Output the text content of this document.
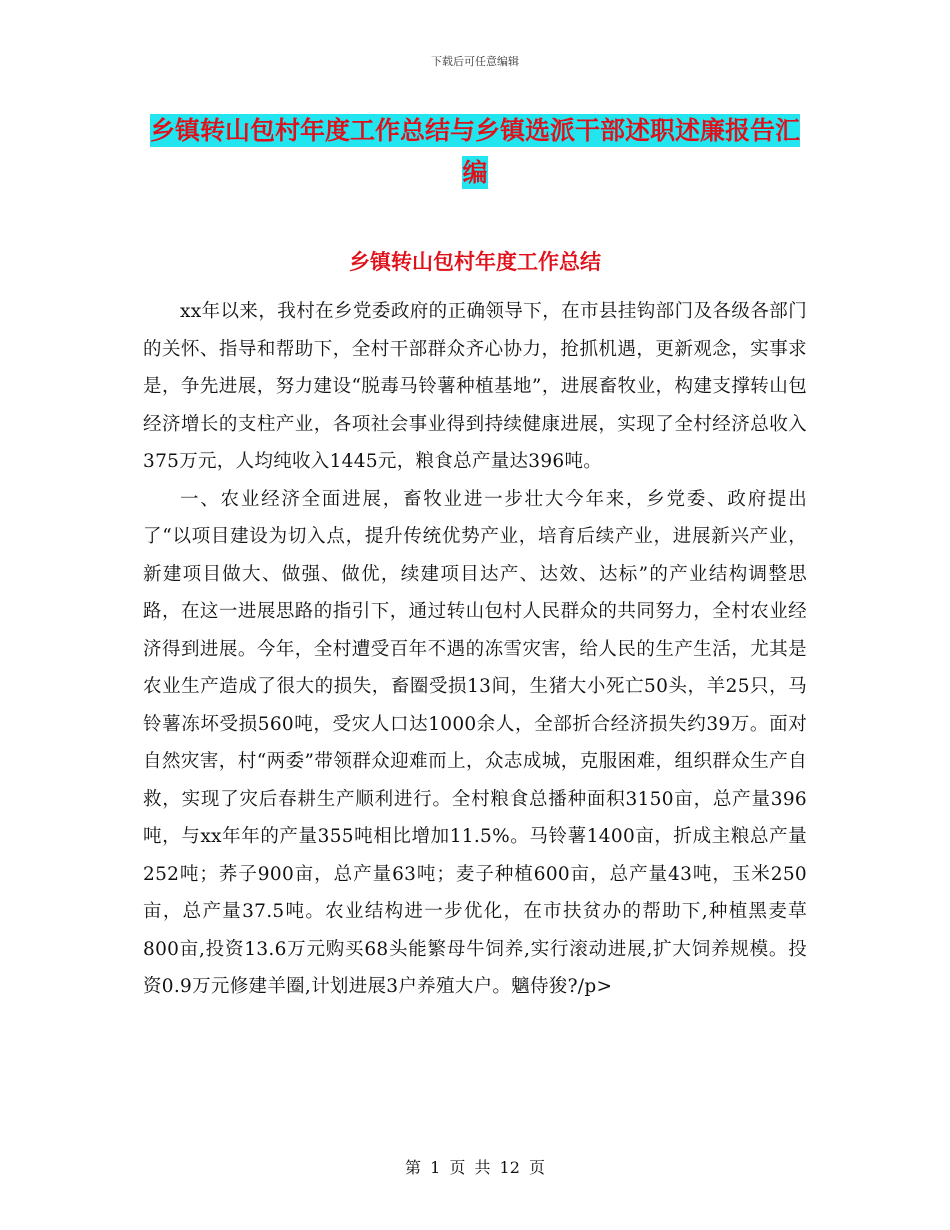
下载后可任意编辑
乡镇转山包村年度工作总结与乡镇选派干部述职述廉报告汇编
乡镇转山包村年度工作总结

xx年以来，我村在乡党委政府的正确领导下，在市县挂钩部门及各级各部门的关怀、指导和帮助下，全村干部群众齐心协力，抢抓机遇，更新观念，实事求是，争先进展，努力建设“脱毒马铃薯种植基地”，进展畜牧业，构建支撑转山包经济增长的支柱产业，各项社会事业得到持续健康进展，实现了全村经济总收入375万元，人均纯收入1445元，粮食总产量达396吨。

一、农业经济全面进展，畜牧业进一步壮大今年来，乡党委、政府提出了“以项目建设为切入点，提升传统优势产业，培育后续产业，进展新兴产业，新建项目做大、做强、做优，续建项目达产、达效、达标”的产业结构调整思路，在这一进展思路的指引下，通过转山包村人民群众的共同努力，全村农业经济得到进展。今年，全村遭受百年不遇的冻雪灾害，给人民的生产生活，尤其是农业生产造成了很大的损失，畜圈受损13间，生猪大小死亡50头，羊25只，马铃薯冻坏受损560吨，受灾人口达1000余人，全部折合经济损失约39万。面对自然灾害，村“两委”带领群众迎难而上，众志成城，克服困难，组织群众生产自救，实现了灾后春耕生产顺利进行。全村粮食总播种面积3150亩，总产量396吨，与xx年年的产量355吨相比增加11.5%。马铃薯1400亩，折成主粮总产量252吨；荞子900亩，总产量63吨；麦子种植600亩，总产量43吨，玉米250亩，总产量37.5吨。农业结构进一步优化，在市扶贫办的帮助下,种植黑麦草800亩,投资13.6万元购买68头能繁母牛饲养,实行滚动进展,扩大饲养规模。投资0.9万元修建羊圈,计划进展3户养殖大户。魑侍狻?/p>

第 1 页 共 12 页
